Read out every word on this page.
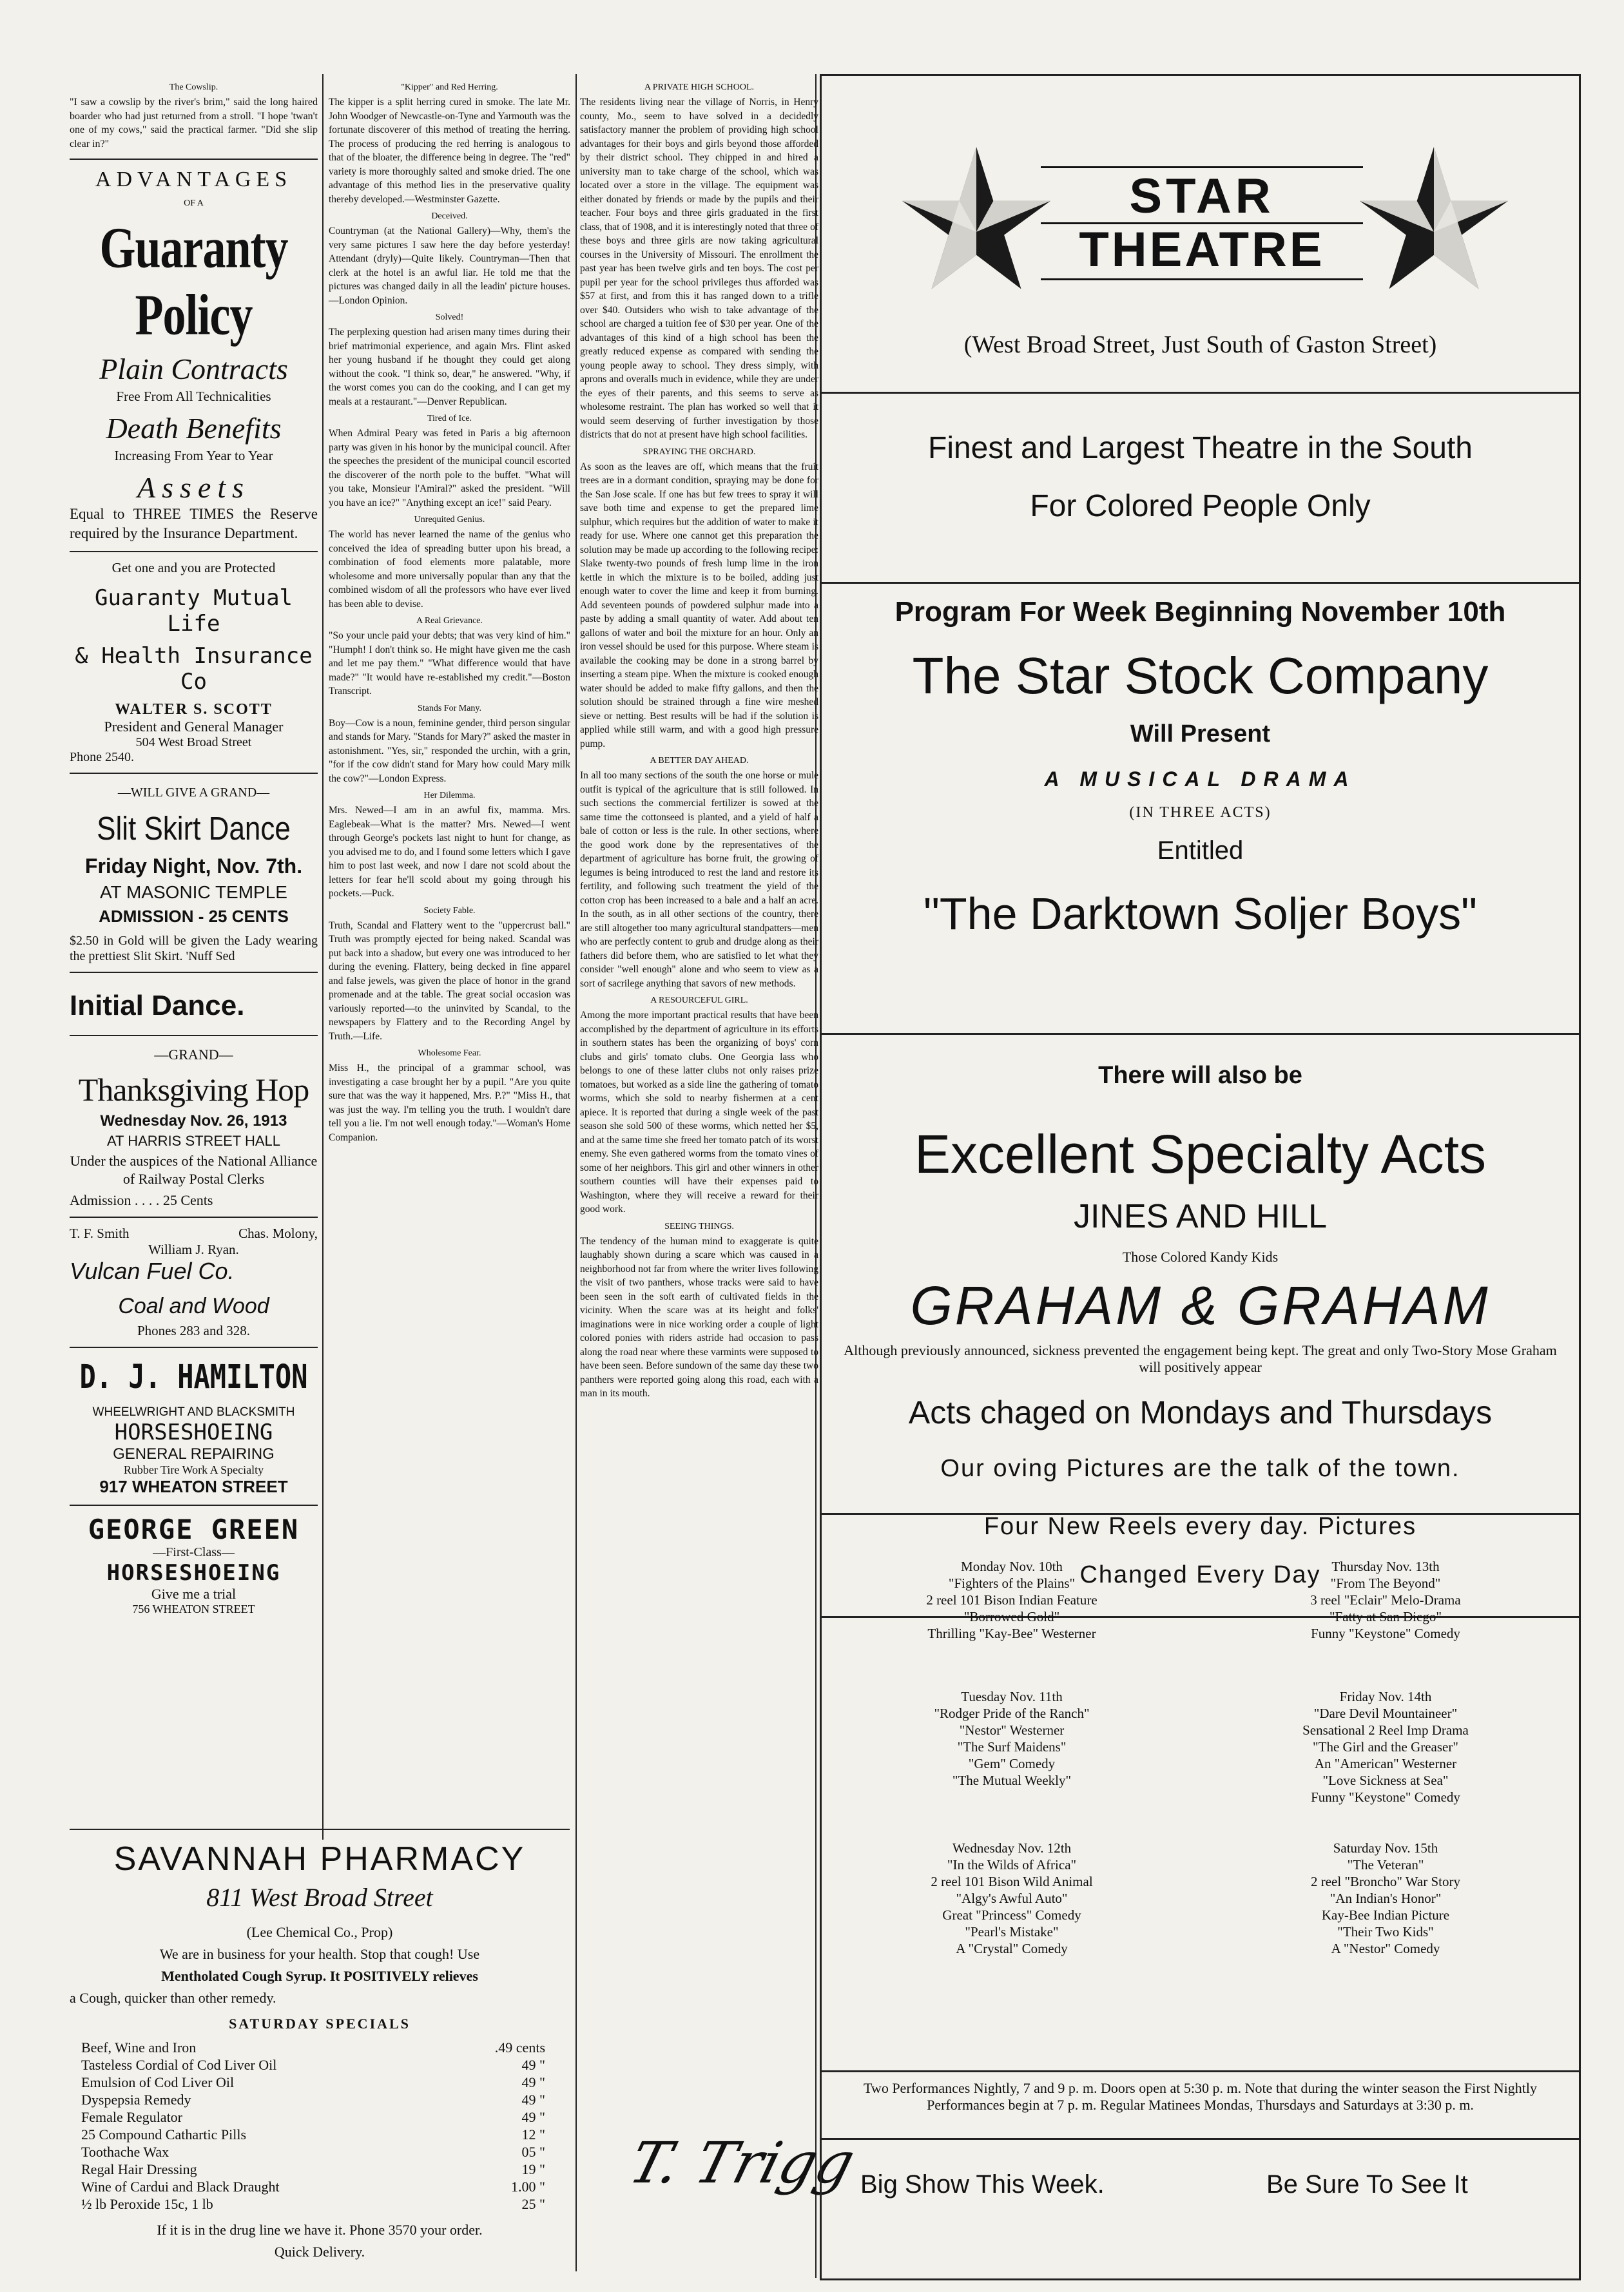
The Cowslip.

"I saw a cowslip by the river's brim," said the long haired boarder who had just returned from a stroll. "I hope 'twan't one of my cows," said the practical farmer. "Did she slip clear in?"

ADVANTAGES
OF A
Guaranty Policy
Plain Contracts
Free From All Technicalities
Death Benefits
Increasing From Year to Year
Assets

Equal to THREE TIMES the Reserve required by the Insurance Department.

Get one and you are Protected
Guaranty Mutual Life
& Health Insurance Co
WALTER S. SCOTT
President and General Manager
504 West Broad Street
Phone 2540.
—WILL GIVE A GRAND—
Slit Skirt Dance
Friday Night, Nov. 7th.
AT MASONIC TEMPLE
ADMISSION - 25 CENTS

$2.50 in Gold will be given the Lady wearing the prettiest Slit Skirt. 'Nuff Sed

Initial Dance.
—GRAND—
Thanksgiving Hop
Wednesday Nov. 26, 1913
AT HARRIS STREET HALL
Under the auspices of the National Alliance of Railway Postal Clerks
Admission . . . . 25 Cents
T. F. Smith	Chas. Molony,
William J. Ryan.
Vulcan Fuel Co.
Coal and Wood
Phones 283 and 328.
D. J. HAMILTON
WHEELWRIGHT AND BLACKSMITH
HORSESHOEING
GENERAL REPAIRING
Rubber Tire Work A Specialty
917 WHEATON STREET
GEORGE GREEN
—First-Class—
HORSESHOEING
Give me a trial
756 WHEATON STREET
"Kipper" and Red Herring.

The kipper is a split herring cured in smoke. The late Mr. John Woodger of Newcastle-on-Tyne and Yarmouth was the fortunate discoverer of this method of treating the herring. The process of producing the red herring is analogous to that of the bloater, the difference being in degree. The "red" variety is more thoroughly salted and smoke dried. The one advantage of this method lies in the preservative quality thereby developed.—Westminster Gazette.

Deceived.

Countryman (at the National Gallery)—Why, them's the very same pictures I saw here the day before yesterday! Attendant (dryly)—Quite likely. Countryman—Then that clerk at the hotel is an awful liar. He told me that the pictures was changed daily in all the leadin' picture houses.—London Opinion.

Solved!

The perplexing question had arisen many times during their brief matrimonial experience, and again Mrs. Flint asked her young husband if he thought they could get along without the cook. "I think so, dear," he answered. "Why, if the worst comes you can do the cooking, and I can get my meals at a restaurant."—Denver Republican.

Tired of Ice.

When Admiral Peary was feted in Paris a big afternoon party was given in his honor by the municipal council. After the speeches the president of the municipal council escorted the discoverer of the north pole to the buffet. "What will you take, Monsieur l'Amiral?" asked the president. "Will you have an ice?" "Anything except an ice!" said Peary.

Unrequited Genius.

The world has never learned the name of the genius who conceived the idea of spreading butter upon his bread, a combination of food elements more palatable, more wholesome and more universally popular than any that the combined wisdom of all the professors who have ever lived has been able to devise.

A Real Grievance.

"So your uncle paid your debts; that was very kind of him." "Humph! I don't think so. He might have given me the cash and let me pay them." "What difference would that have made?" "It would have re-established my credit."—Boston Transcript.

Stands For Many.

Boy—Cow is a noun, feminine gender, third person singular and stands for Mary. "Stands for Mary?" asked the master in astonishment. "Yes, sir," responded the urchin, with a grin, "for if the cow didn't stand for Mary how could Mary milk the cow?"—London Express.

Her Dilemma.

Mrs. Newed—I am in an awful fix, mamma. Mrs. Eaglebeak—What is the matter? Mrs. Newed—I went through George's pockets last night to hunt for change, as you advised me to do, and I found some letters which I gave him to post last week, and now I dare not scold about the letters for fear he'll scold about my going through his pockets.—Puck.

Society Fable.

Truth, Scandal and Flattery went to the "uppercrust ball." Truth was promptly ejected for being naked. Scandal was put back into a shadow, but every one was introduced to her during the evening. Flattery, being decked in fine apparel and false jewels, was given the place of honor in the grand promenade and at the table. The great social occasion was variously reported—to the uninvited by Scandal, to the newspapers by Flattery and to the Recording Angel by Truth.—Life.

Wholesome Fear.

Miss H., the principal of a grammar school, was investigating a case brought her by a pupil. "Are you quite sure that was the way it happened, Mrs. P.?" "Miss H., that was just the way. I'm telling you the truth. I wouldn't dare tell you a lie. I'm not well enough today."—Woman's Home Companion.

A PRIVATE HIGH SCHOOL.

The residents living near the village of Norris, in Henry county, Mo., seem to have solved in a decidedly satisfactory manner the problem of providing high school advantages for their boys and girls beyond those afforded by their district school. They chipped in and hired a university man to take charge of the school, which was located over a store in the village. The equipment was either donated by friends or made by the pupils and their teacher. Four boys and three girls graduated in the first class, that of 1908, and it is interestingly noted that three of these boys and three girls are now taking agricultural courses in the University of Missouri. The enrollment the past year has been twelve girls and ten boys. The cost per pupil per year for the school privileges thus afforded was $57 at first, and from this it has ranged down to a trifle over $40. Outsiders who wish to take advantage of the school are charged a tuition fee of $30 per year. One of the advantages of this kind of a high school has been the greatly reduced expense as compared with sending the young people away to school. They dress simply, with aprons and overalls much in evidence, while they are under the eyes of their parents, and this seems to serve as wholesome restraint. The plan has worked so well that it would seem deserving of further investigation by those districts that do not at present have high school facilities.

SPRAYING THE ORCHARD.

As soon as the leaves are off, which means that the fruit trees are in a dormant condition, spraying may be done for the San Jose scale. If one has but few trees to spray it will save both time and expense to get the prepared lime sulphur, which requires but the addition of water to make it ready for use. Where one cannot get this preparation the solution may be made up according to the following recipe: Slake twenty-two pounds of fresh lump lime in the iron kettle in which the mixture is to be boiled, adding just enough water to cover the lime and keep it from burning. Add seventeen pounds of powdered sulphur made into a paste by adding a small quantity of water. Add about ten gallons of water and boil the mixture for an hour. Only an iron vessel should be used for this purpose. Where steam is available the cooking may be done in a strong barrel by inserting a steam pipe. When the mixture is cooked enough water should be added to make fifty gallons, and then the solution should be strained through a fine wire meshed sieve or netting. Best results will be had if the solution is applied while still warm, and with a good high pressure pump.

A BETTER DAY AHEAD.

In all too many sections of the south the one horse or mule outfit is typical of the agriculture that is still followed. In such sections the commercial fertilizer is sowed at the same time the cottonseed is planted, and a yield of half a bale of cotton or less is the rule. In other sections, where the good work done by the representatives of the department of agriculture has borne fruit, the growing of legumes is being introduced to rest the land and restore its fertility, and following such treatment the yield of the cotton crop has been increased to a bale and a half an acre. In the south, as in all other sections of the country, there are still altogether too many agricultural standpatters—men who are perfectly content to grub and drudge along as their fathers did before them, who are satisfied to let what they consider "well enough" alone and who seem to view as a sort of sacrilege anything that savors of new methods.

A RESOURCEFUL GIRL.

Among the more important practical results that have been accomplished by the department of agriculture in its efforts in southern states has been the organizing of boys' corn clubs and girls' tomato clubs. One Georgia lass who belongs to one of these latter clubs not only raises prize tomatoes, but worked as a side line the gathering of tomato worms, which she sold to nearby fishermen at a cent apiece. It is reported that during a single week of the past season she sold 500 of these worms, which netted her $5, and at the same time she freed her tomato patch of its worst enemy. She even gathered worms from the tomato vines of some of her neighbors. This girl and other winners in other southern counties will have their expenses paid to Washington, where they will receive a reward for their good work.

SEEING THINGS.

The tendency of the human mind to exaggerate is quite laughably shown during a scare which was caused in a neighborhood not far from where the writer lives following the visit of two panthers, whose tracks were said to have been seen in the soft earth of cultivated fields in the vicinity. When the scare was at its height and folks' imaginations were in nice working order a couple of light colored ponies with riders astride had occasion to pass along the road near where these varmints were supposed to have been seen. Before sundown of the same day these two panthers were reported going along this road, each with a man in its mouth.

T. Trigg
SAVANNAH PHARMACY
811 West Broad Street
(Lee Chemical Co., Prop)
We are in business for your health. Stop that cough! Use
Mentholated Cough Syrup. It POSITIVELY relieves
a Cough, quicker than other remedy.
SATURDAY SPECIALS
Beef, Wine and Iron	.49 cents
Tasteless Cordial of Cod Liver Oil	49 "
Emulsion of Cod Liver Oil	49 "
Dyspepsia Remedy	49 "
Female Regulator	49 "
25 Compound Cathartic Pills	12 "
Toothache Wax	05 "
Regal Hair Dressing	19 "
Wine of Cardui and Black Draught	1.00 "
½ lb Peroxide 15c, 1 lb	25 "
If it is in the drug line we have it. Phone 3570 your order.
Quick Delivery.
STAR
THEATRE
(West Broad Street, Just South of Gaston Street)
Finest and Largest Theatre in the South
For Colored People Only
Program For Week Beginning November 10th
The Star Stock Company
Will Present
A MUSICAL DRAMA
(IN THREE ACTS)
Entitled
"The Darktown Soljer Boys"
There will also be
Excellent Specialty Acts
JINES AND HILL
Those Colored Kandy Kids
GRAHAM & GRAHAM
Although previously announced, sickness prevented the engagement being kept. The great and only Two-Story Mose Graham will positively appear
Acts chaged on Mondays and Thursdays
Our oving Pictures are the talk of the town.
Four New Reels every day. Pictures
Changed Every Day
Monday Nov. 10th
"Fighters of the Plains"
2 reel 101 Bison Indian Feature
"Borrowed Gold"
Thrilling "Kay-Bee" Westerner
Tuesday Nov. 11th
"Rodger Pride of the Ranch"
"Nestor" Westerner
"The Surf Maidens"
"Gem" Comedy
"The Mutual Weekly"
Wednesday Nov. 12th
"In the Wilds of Africa"
2 reel 101 Bison Wild Animal
"Algy's Awful Auto"
Great "Princess" Comedy
"Pearl's Mistake"
A "Crystal" Comedy
Thursday Nov. 13th
"From The Beyond"
3 reel "Eclair" Melo-Drama
"Fatty at San Diego"
Funny "Keystone" Comedy
Friday Nov. 14th
"Dare Devil Mountaineer"
Sensational 2 Reel Imp Drama
"The Girl and the Greaser"
An "American" Westerner
"Love Sickness at Sea"
Funny "Keystone" Comedy
Saturday Nov. 15th
"The Veteran"
2 reel "Broncho" War Story
"An Indian's Honor"
Kay-Bee Indian Picture
"Their Two Kids"
A "Nestor" Comedy
Two Performances Nightly, 7 and 9 p. m. Doors open at 5:30 p. m. Note that during the winter season the First Nightly Performances begin at 7 p. m. Regular Matinees Mondas, Thursdays and Saturdays at 3:30 p. m.
Big Show This Week.	Be Sure To See It
